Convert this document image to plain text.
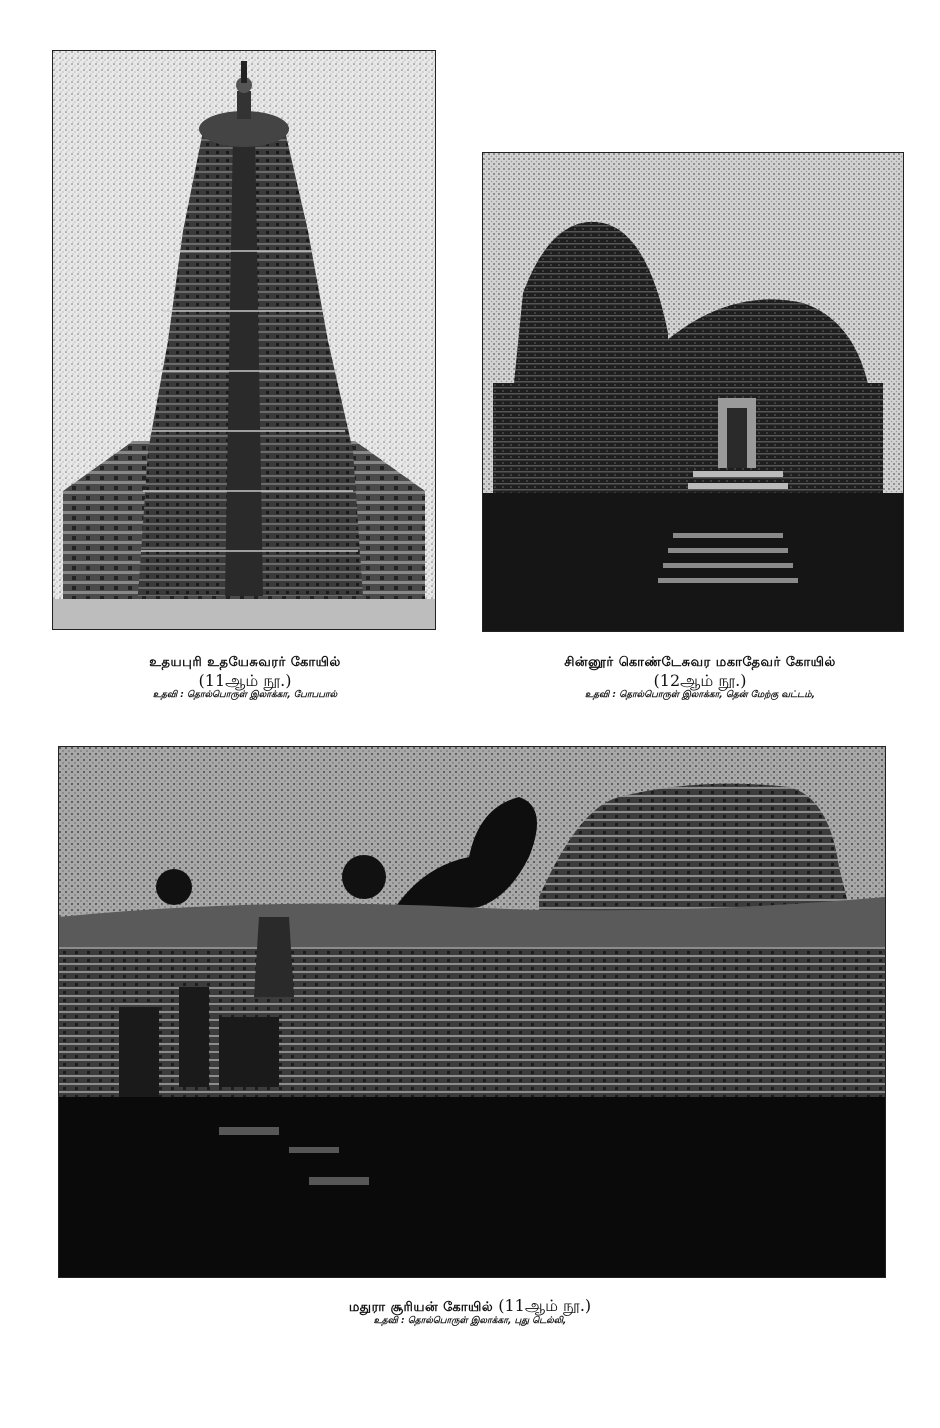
உதயபுரி உதயேசுவரர் கோயில்
(11ஆம் நூ.)
உதவி : தொல்பொருள் இலாக்கா, போபபால்
சின்னூர் கொண்டேசுவர மகாதேவர் கோயில்
(12ஆம் நூ.)
உதவி : தொல்பொருள் இலாக்கா, தென் மேற்கு வட்டம்,
மதுரா சூரியன் கோயில் (11ஆம் நூ.)
உதவி : தொல்பொருள் இலாக்கா, புது டெல்லி,
